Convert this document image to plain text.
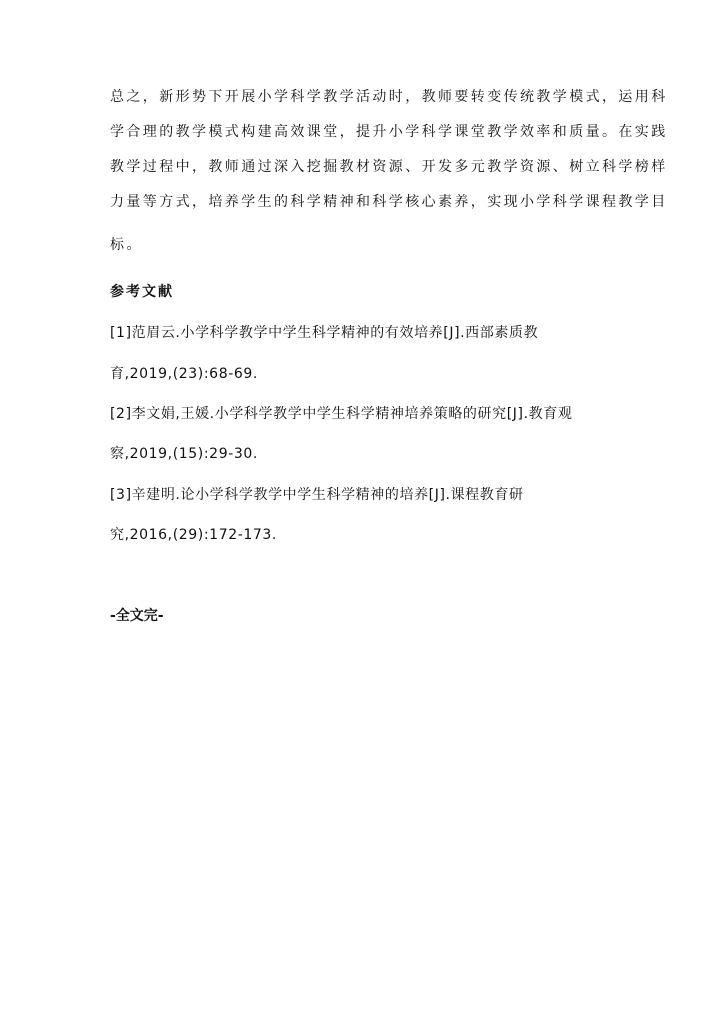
总之，新形势下开展小学科学教学活动时，教师要转变传统教学模式，运用科
学合理的教学模式构建高效课堂，提升小学科学课堂教学效率和质量。在实践
教学过程中，教师通过深入挖掘教材资源、开发多元教学资源、树立科学榜样
力量等方式，培养学生的科学精神和科学核心素养，实现小学科学课程教学目
标。
参考文献
[1]范眉云.小学科学教学中学生科学精神的有效培养[J].西部素质教
育,2019,(23):68-69.
[2]李文娟,王媛.小学科学教学中学生科学精神培养策略的研究[J].教育观
察,2019,(15):29-30.
[3]辛建明.论小学科学教学中学生科学精神的培养[J].课程教育研
究,2016,(29):172-173.
-全文完-
